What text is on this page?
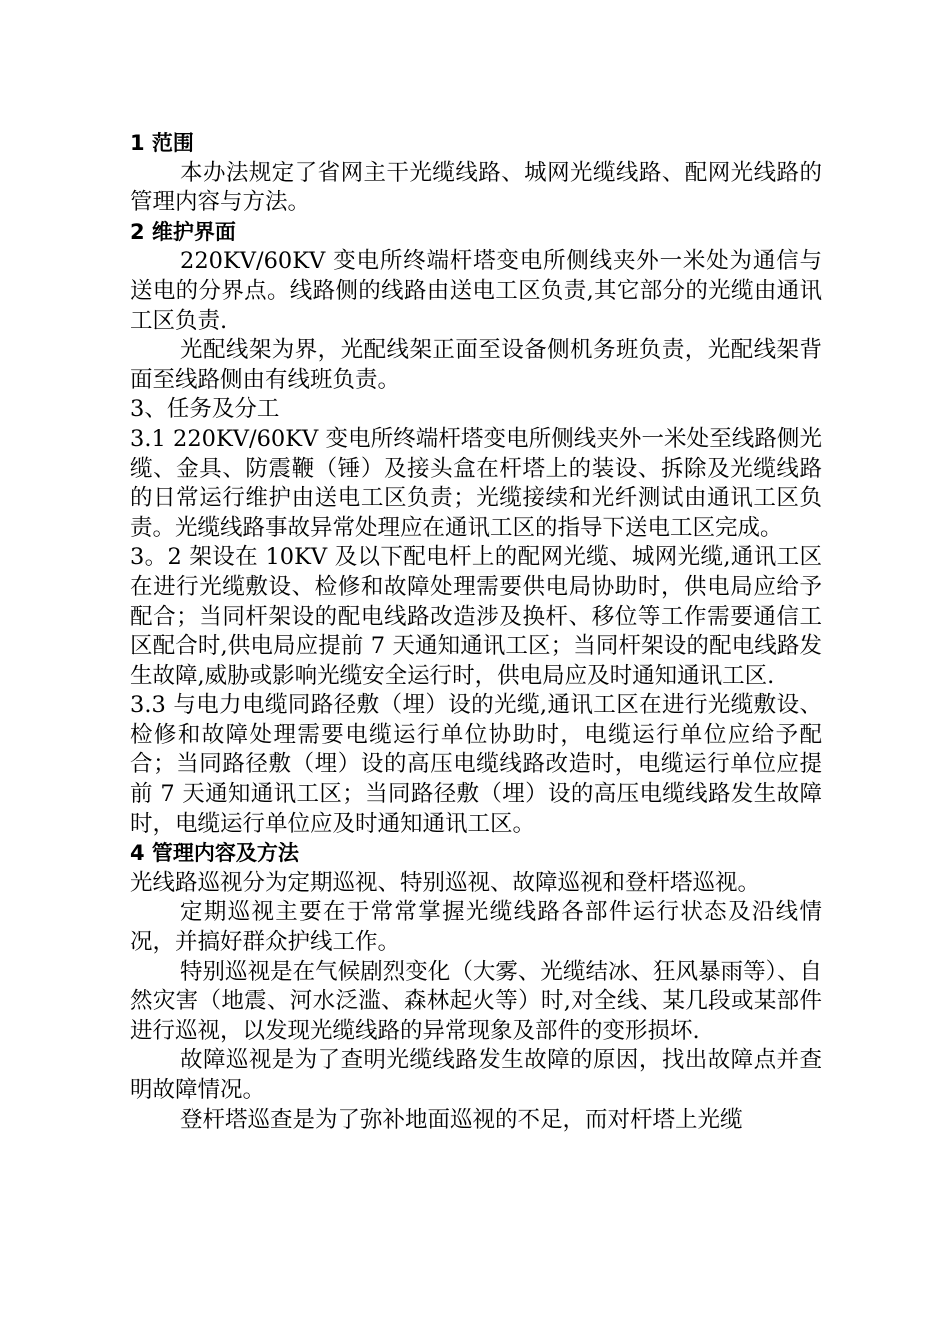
1 范围

本办法规定了省网主干光缆线路、城网光缆线路、配网光线路的管理内容与方法。

2 维护界面

220KV/60KV 变电所终端杆塔变电所侧线夹外一米处为通信与送电的分界点。线路侧的线路由送电工区负责,其它部分的光缆由通讯工区负责.

光配线架为界，光配线架正面至设备侧机务班负责，光配线架背面至线路侧由有线班负责。

3、任务及分工

3.1 220KV/60KV 变电所终端杆塔变电所侧线夹外一米处至线路侧光缆、金具、防震鞭（锤）及接头盒在杆塔上的装设、拆除及光缆线路的日常运行维护由送电工区负责；光缆接续和光纤测试由通讯工区负责。光缆线路事故异常处理应在通讯工区的指导下送电工区完成。

3。2 架设在 10KV 及以下配电杆上的配网光缆、城网光缆,通讯工区在进行光缆敷设、检修和故障处理需要供电局协助时，供电局应给予配合；当同杆架设的配电线路改造涉及换杆、移位等工作需要通信工区配合时,供电局应提前 7 天通知通讯工区；当同杆架设的配电线路发生故障,威胁或影响光缆安全运行时，供电局应及时通知通讯工区.

3.3 与电力电缆同路径敷（埋）设的光缆,通讯工区在进行光缆敷设、检修和故障处理需要电缆运行单位协助时，电缆运行单位应给予配合；当同路径敷（埋）设的高压电缆线路改造时，电缆运行单位应提前 7 天通知通讯工区；当同路径敷（埋）设的高压电缆线路发生故障时，电缆运行单位应及时通知通讯工区。

4 管理内容及方法

光线路巡视分为定期巡视、特别巡视、故障巡视和登杆塔巡视。

定期巡视主要在于常常掌握光缆线路各部件运行状态及沿线情况，并搞好群众护线工作。

特别巡视是在气候剧烈变化（大雾、光缆结冰、狂风暴雨等）、自然灾害（地震、河水泛滥、森林起火等）时,对全线、某几段或某部件进行巡视，以发现光缆线路的异常现象及部件的变形损坏.

故障巡视是为了查明光缆线路发生故障的原因，找出故障点并查明故障情况。

登杆塔巡查是为了弥补地面巡视的不足，而对杆塔上光缆
